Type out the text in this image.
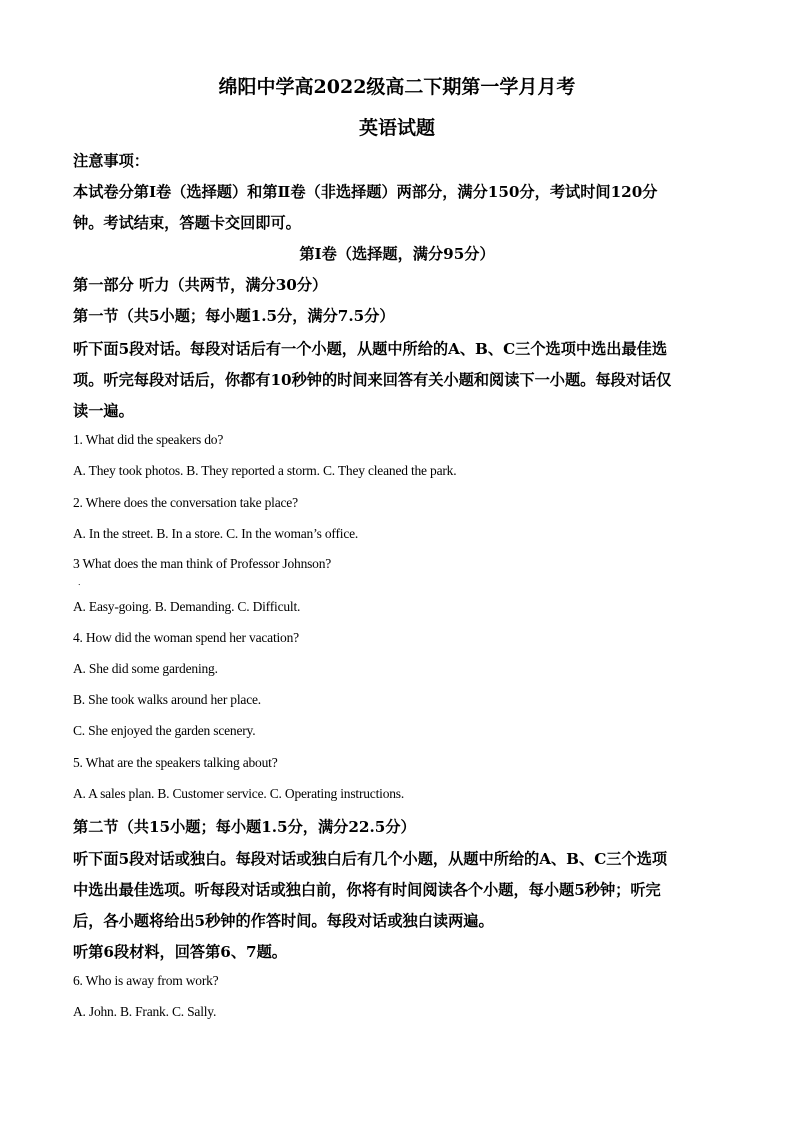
绵阳中学高2022级高二下期第一学月月考
英语试题
注意事项：
本试卷分第Ⅰ卷（选择题）和第Ⅱ卷（非选择题）两部分，满分150分，考试时间120分
钟。考试结束，答题卡交回即可。
第Ⅰ卷（选择题，满分95分）
第一部分 听力（共两节，满分30分）
第一节（共5小题；每小题1.5分，满分7.5分）
听下面5段对话。每段对话后有一个小题，从题中所给的A、B、C三个选项中选出最佳选
项。听完每段对话后，你都有10秒钟的时间来回答有关小题和阅读下一小题。每段对话仅
读一遍。
1. What did the speakers do?
A. They took photos. B. They reported a storm. C. They cleaned the park.
2. Where does the conversation take place?
A. In the street. B. In a store. C. In the woman’s office.
3 What does the man think of Professor Johnson?
．
A. Easy-going. B. Demanding. C. Difficult.
4. How did the woman spend her vacation?
A. She did some gardening.
B. She took walks around her place.
C. She enjoyed the garden scenery.
5. What are the speakers talking about?
A. A sales plan. B. Customer service. C. Operating instructions.
第二节（共15小题；每小题1.5分，满分22.5分）
听下面5段对话或独白。每段对话或独白后有几个小题，从题中所给的A、B、C三个选项
中选出最佳选项。听每段对话或独白前，你将有时间阅读各个小题，每小题5秒钟；听完
后，各小题将给出5秒钟的作答时间。每段对话或独白读两遍。
听第6段材料，回答第6、7题。
6. Who is away from work?
A. John. B. Frank. C. Sally.
